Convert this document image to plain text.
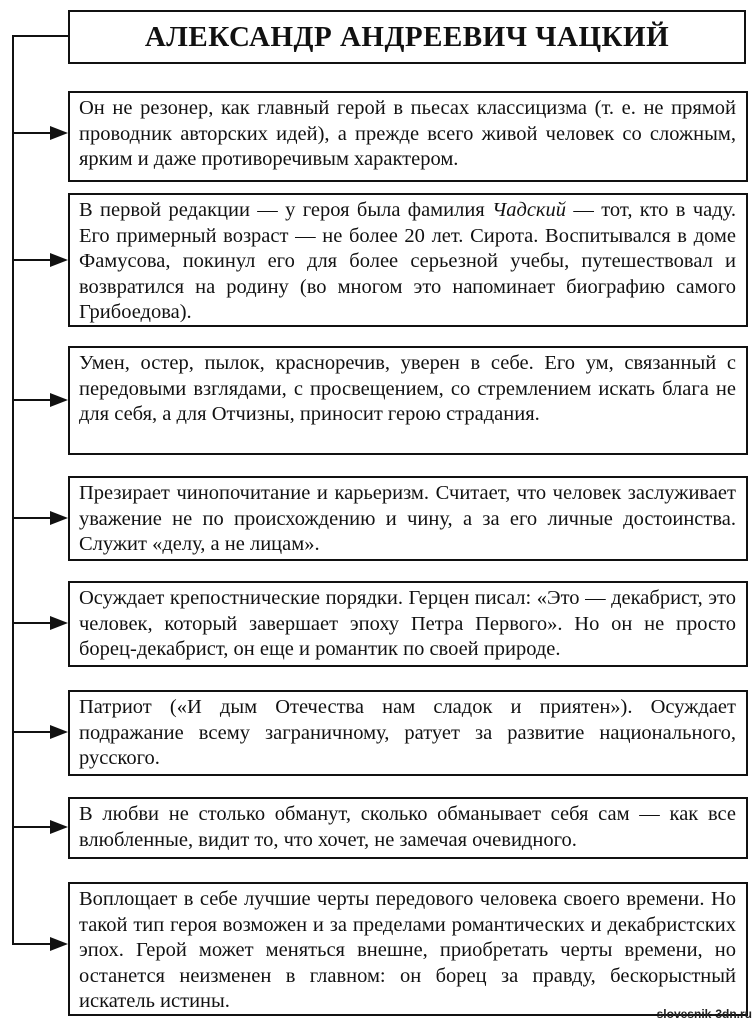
АЛЕКСАНДР АНДРЕЕВИЧ ЧАЦКИЙ

Он не резонер, как главный герой в пьесах классицизма (т. е. не прямой проводник авторских идей), а прежде всего живой человек со сложным, ярким и даже противоречивым характером.

В первой редакции — у героя была фамилия Чадский — тот, кто в чаду. Его примерный возраст — не более 20 лет. Сирота. Воспитывался в доме Фамусова, покинул его для более серьезной учебы, путешествовал и возвратился на родину (во многом это напоминает биографию самого Грибоедова).

Умен, остер, пылок, красноречив, уверен в себе. Его ум, связанный с передовыми взглядами, с просвещением, со стремлением искать блага не для себя, а для Отчизны, приносит герою страдания.

Презирает чинопочитание и карьеризм. Считает, что человек заслуживает уважение не по происхождению и чину, а за его личные достоинства. Служит «делу, а не лицам».

Осуждает крепостнические порядки. Герцен писал: «Это — декабрист, это человек, который завершает эпоху Петра Первого». Но он не просто борец-декабрист, он еще и романтик по своей природе.

Патриот («И дым Отечества нам сладок и приятен»). Осуждает подражание всему заграничному, ратует за развитие национального, русского.

В любви не столько обманут, сколько обманывает себя сам — как все влюбленные, видит то, что хочет, не замечая очевидного.

Воплощает в себе лучшие черты передового человека своего времени. Но такой тип героя возможен и за пределами романтических и декабристских эпох. Герой может меняться внешне, приобретать черты времени, но останется неизменен в главном: он борец за правду, бескорыстный искатель истины.

slovesnik-3dn.ru
